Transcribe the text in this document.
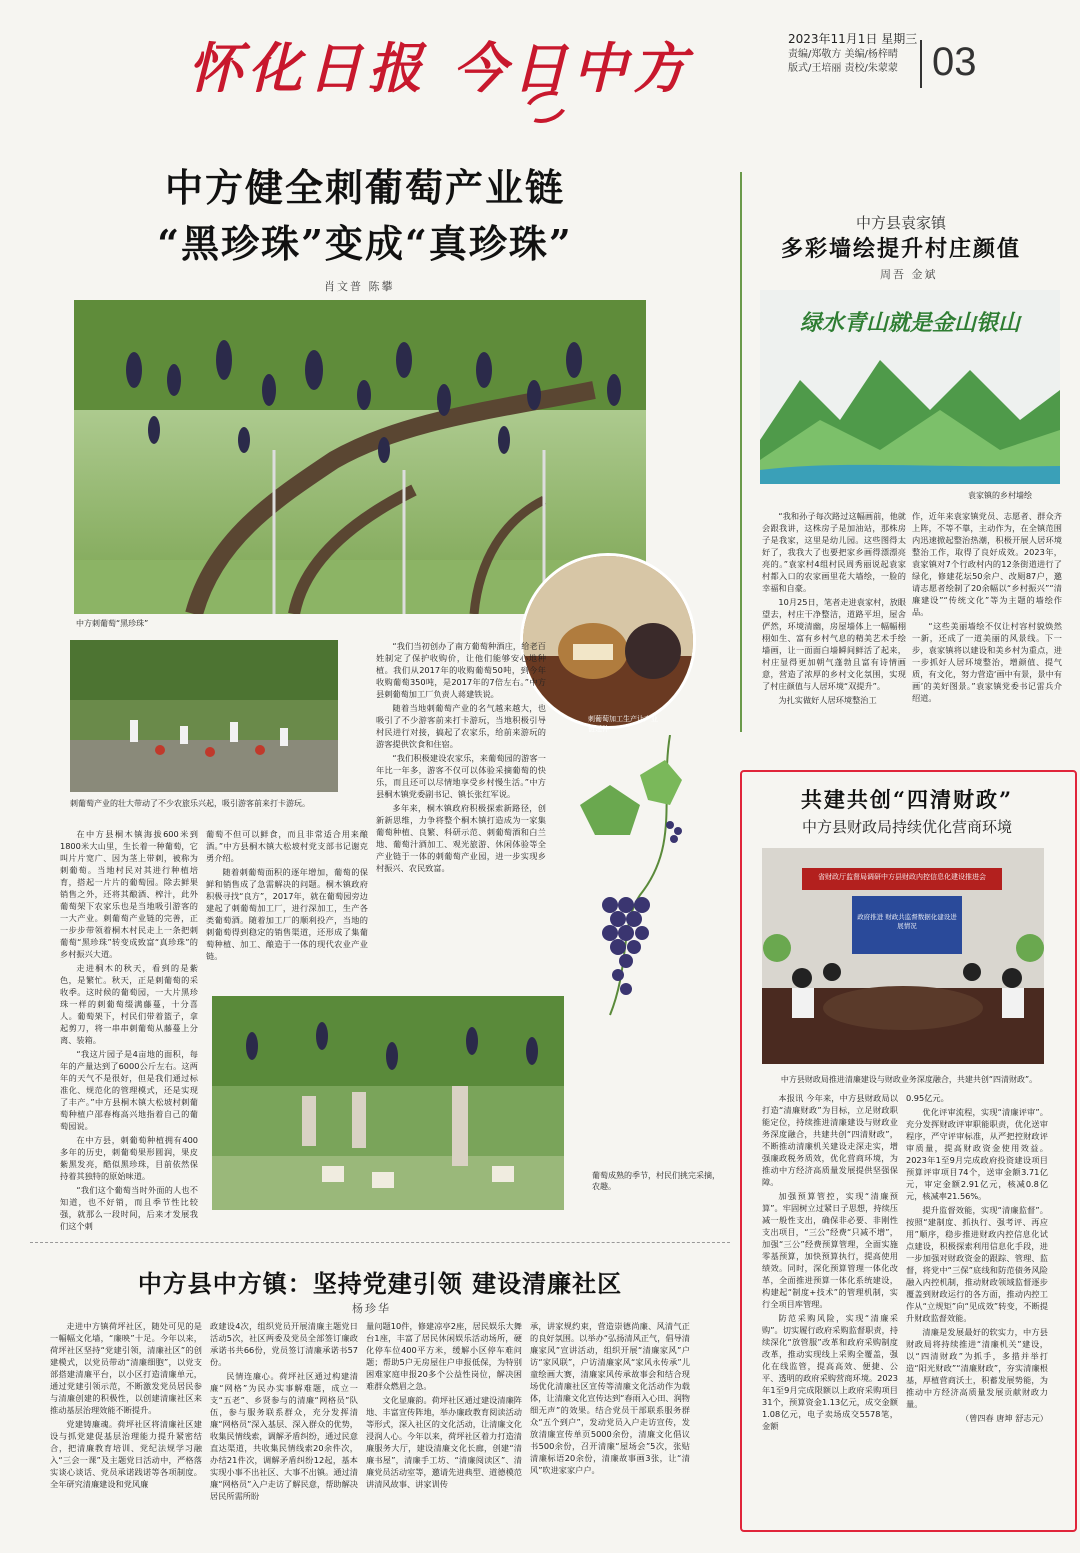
怀化日报 今日中方	2023年11月1日 星期三
责编/郑敬方 美编/杨梓晴
版式/王培丽 责校/朱蒙蒙 03
中方健全刺葡萄产业链
“黑珍珠”变成“真珍珠”
肖文普 陈攀
中方刺葡萄“黑珍珠”
刺葡萄加工生产让产业链延伸
刺葡萄产业的壮大带动了不少农旅乐兴起，吸引游客前来打卡游玩。

在中方县桐木镇海拔600米到1800米大山里，生长着一种葡萄，它叫片片宽广、因为茎上带刺，被称为刺葡萄。当地村民对其进行种植培育，搭起一片片的葡萄园。除去鲜果销售之外，还将其酿酒、榨汁，此外葡萄架下农家乐也是当地吸引游客的一大产业。刺葡萄产业链的完善，正一步步带领着桐木村民走上一条把刺葡萄“黑珍珠”转变成致富“真珍珠”的乡村振兴大道。

走进桐木的秋天，看到的是紫色，是繁忙。秋天，正是刺葡萄的采收季。这时候的葡萄园，一大片黑珍珠一样的刺葡萄缀满藤蔓，十分喜人。葡萄架下，村民们带着篮子，拿起剪刀，将一串串刺葡萄从藤蔓上分离、装箱。

“我这片园子是4亩地的面积，每年的产量达到了6000公斤左右。这两年的天气不是很好，但是我们通过标准化、规范化的管理模式，还是实现了丰产。”中方县桐木镇大松坡村刺葡萄种植户邵春梅高兴地指着自己的葡萄园说。

在中方县，刺葡萄种植拥有400多年的历史，刺葡萄果形圆润，果皮紫黑发亮，酷似黑珍珠，目前依然保持着其独特的原始味道。

“我们这个葡萄当时外面的人也不知道，也不好销，而且季节性比较强，就那么一段时间，后来才发展我们这个刺

葡萄不但可以鲜食，而且非常适合用来酿酒。”中方县桐木镇大松坡村党支部书记谢克勇介绍。

随着刺葡萄面积的逐年增加，葡萄的保鲜和销售成了急需解决的问题。桐木镇政府积极寻找“良方”，2017年，就在葡萄园旁边建起了刺葡萄加工厂，进行深加工，生产各类葡萄酒。随着加工厂的顺利投产，当地的刺葡萄得到稳定的销售渠道，还形成了集葡萄种植、加工、酿造于一体的现代农业产业链。

“我们当初创办了南方葡萄种酒庄，给老百姓制定了保护收购价，让他们能够安心地种植。我们从2017年的收购葡萄50吨，到今年收购葡萄350吨，是2017年的7倍左右。”中方县刺葡萄加工厂负责人蒋建铁说。

随着当地刺葡萄产业的名气越来越大，也吸引了不少游客前来打卡游玩，当地积极引导村民进行对接，搞起了农家乐，给前来游玩的游客提供饮食和住宿。

“我们积极建设农家乐，来葡萄园的游客一年比一年多，游客不仅可以体验采摘葡萄的快乐，而且还可以尽情地享受乡村慢生活。”中方县桐木镇党委副书记、镇长张红军说。

多年来，桐木镇政府积极探索新路径，创新新思维，力争将整个桐木镇打造成为一家集葡萄种植、良繁、科研示范、刺葡萄酒和白兰地、葡萄汁酒加工、观光旅游、休闲体验等全产业链于一体的刺葡萄产业园，进一步实现乡村振兴、农民致富。

葡萄成熟的季节，村民们挑完采摘，农趣。
中方县袁家镇
多彩墙绘提升村庄颜值
周吾 金斌
绿水青山就是金山银山
袁家镇的乡村墙绘

“我和孙子每次路过这幅画前，他就会跟我讲，这株房子是加油站，那株房子是我家，这里是幼儿园。这些图得太好了，我我大了也要把家乡画得漂漂亮亮的。”袁家村4组村民周秀丽说起袁家村都入口的农家画里花大墙绘，一脸的幸福和自豪。

10月25日，笔者走进袁家村，放眼望去，村庄干净整洁，道路平坦，屋舍俨然，环境清幽，房屋墙体上一幅幅栩栩如生、富有乡村气息的精美艺术手绘墙画，让一面面白墙瞬间鲜活了起来，村庄显得更加朝气蓬勃且富有诗情画意，营造了浓厚的乡村文化氛围，实现了村庄颜值与人居环境“双提升”。

为扎实做好人居环境整治工

作，近年来袁家镇党员、志愿者、群众齐上阵，不等不靠，主动作为，在全镇范围内迅速掀起整治热潮，积极开展人居环境整治工作，取得了良好成效。2023年，袁家镇对7个行政村内的12条街道进行了绿化，修建花坛50余户、改厕87户，邀请志愿者绘制了20余幅以“乡村振兴”“清廉建设”“传统文化”等为主题的墙绘作品。

“这些美丽墙绘不仅让村容村貌焕然一新，还成了一道美丽的风景线。下一步，袁家镇将以建设和美乡村为重点，进一步抓好人居环境整治，增颜值、提气质，有文化，努力营造‘画中有景，景中有画’的美好图景。”袁家镇党委书记雷兵介绍道。

共建共创“四清财政”
中方县财政局持续优化营商环境
省财政厅监督局调研中方县财政内控信息化建设推进会
政府推进 财政共监督数据化建设进展情况
中方县财政局推进清廉建设与财政业务深度融合，共建共创“四清财政”。

本报讯 今年来，中方县财政局以打造“清廉财政”为目标，立足财政职能定位，持续推进清廉建设与财政业务深度融合，共建共创“四清财政”，不断推动清廉机关建设走深走实，增强廉政税务质效，优化营商环境，为推动中方经济高质量发展提供坚强保障。

加强预算管控，实现“清廉预算”。牢固树立过紧日子思想，持续压减一般性支出，确保非必要、非刚性支出项目，“三公”经费“只减不增”，加强“三公”经费预算管理，全面实施零基预算，加快预算执行，提高使用绩效。同时，深化预算管理一体化改革，全面推进预算一体化系统建设，构建起“制度+技术”的管理机制，实行全项目库管理。

防范采购风险，实现“清廉采购”。切实履行政府采购监督职责，持续深化“放管服”改革和政府采购制度改革，推动实现线上采购全覆盖，强化在线监管，提高高效、便捷、公平、透明的政府采购营商环境。2023年1至9月完成限额以上政府采购项目31个，预算资金1.13亿元，成交金额1.08亿元，电子卖场成交5578笔，金额

0.95亿元。

优化评审流程，实现“清廉评审”。充分发挥财政评审职能职责，优化送审程序，严守评审标准，从严把控财政评审质量，提高财政资金使用效益。2023年1至9月完成政府投资建设项目预算评审项目74个，送审金额3.71亿元，审定金额2.91亿元，核减0.8亿元，核减率21.56%。

提升监督效能，实现“清廉监督”。按照“建制度、抓执行、强考评、再应用”顺序，稳步推进财政内控信息化试点建设，积极探索利用信息化手段，进一步加强对财政资金的跟踪、管理、监督，将党中“三保”底线和防范债务风险融入内控机制，推动财政领域监督逐步覆盖到财政运行的各方面，推动内控工作从“立规矩”向“见成效”转变，不断提升财政监督效能。

清廉是发展最好的软实力，中方县财政局将持续推进“清廉机关”建设，以“四清财政”为抓手，多措并举打造“阳光财政”“清廉财政”，夯实清廉根基，厚植营商沃土，积蓄发展势能，为推动中方经济高质量发展贡献财政力量。

（曾四春 唐坤 舒志元）

中方县中方镇：坚持党建引领 建设清廉社区
杨珍华

走进中方镇荷坪社区，随处可见的是一幅幅文化墙，“廉映”十足。今年以来，荷坪社区坚持“党建引领，清廉社区”的创建模式，以党员带动“清廉细胞”，以党支部搭建清廉平台，以小区打造清廉单元，通过党建引领示范，不断激发党员居民参与清廉创建的积极性，以创建清廉社区来推动基层治理效能不断提升。

党建铸廉魂。荷坪社区将清廉社区建设与抓党建促基层治理能力提升紧密结合，把清廉教育培训、党纪法规学习融入“三会一课”及主题党日活动中，严格落实谈心谈话、党员承诺践诺等各项制度。全年研究清廉建设和党风廉

政建设4次，组织党员开展清廉主题党日活动5次，社区两委及党员全部签订廉政承诺书共66份，党员签订清廉承诺书57份。

民情连廉心。荷坪社区通过构建清廉“网格”为民办实事解难题，成立一支“五老”、乡贤参与的清廉“网格员”队伍，参与服务联系群众，充分发挥清廉“网格员”深入基层、深入群众的优势，收集民情线索，调解矛盾纠纷，通过民意直达渠道，共收集民情线索20余件次，办结21件次，调解矛盾纠纷12起，基本实现小事不出社区、大事不出镇。通过清廉“网格员”入户走访了解民意，帮助解决居民所需所盼

量问题10件，修建凉亭2座，居民娱乐大舞台1座，丰富了居民休闲娱乐活动场所，硬化停车位400平方米，缓解小区停车难问题；帮助5户无房屋住户申报低保，为特别困难家庭申报20多个公益性岗位，解决困难群众燃眉之急。

文化显廉韵。荷坪社区通过建设清廉阵地、丰富宣传阵地，举办廉政教育阅读活动等形式，深入社区的文化活动，让清廉文化浸润人心。今年以来，荷坪社区着力打造清廉服务大厅，建设清廉文化长廊，创建“清廉书屋”，清廉手工坊、“清廉阅读区”、清廉党员活动室等，邀请先进典型、道德模范讲清风故事、讲家训传

承，讲家规约束，营造崇德尚廉、风清气正的良好氛围。以举办“弘扬清风正气，倡导清廉家风”宣讲活动，组织开展“清廉家风”户访“家风联”，户访清廉家风“家风永传承”儿童绘画大赛，清廉家风传承故事会和结合现场优化清廉社区宣传等清廉文化活动作为载体，让清廉文化宣传达到“春雨入心田、润物细无声”的效果。结合党员干部联系服务群众“五个到户”，发动党员入户走访宣传，发放清廉宣传单页5000余份，清廉文化倡议书500余份，召开清廉“屋场会”5次，张贴清廉标语20余份，清廉故事画3张，让“清风”吹进家家户户。
